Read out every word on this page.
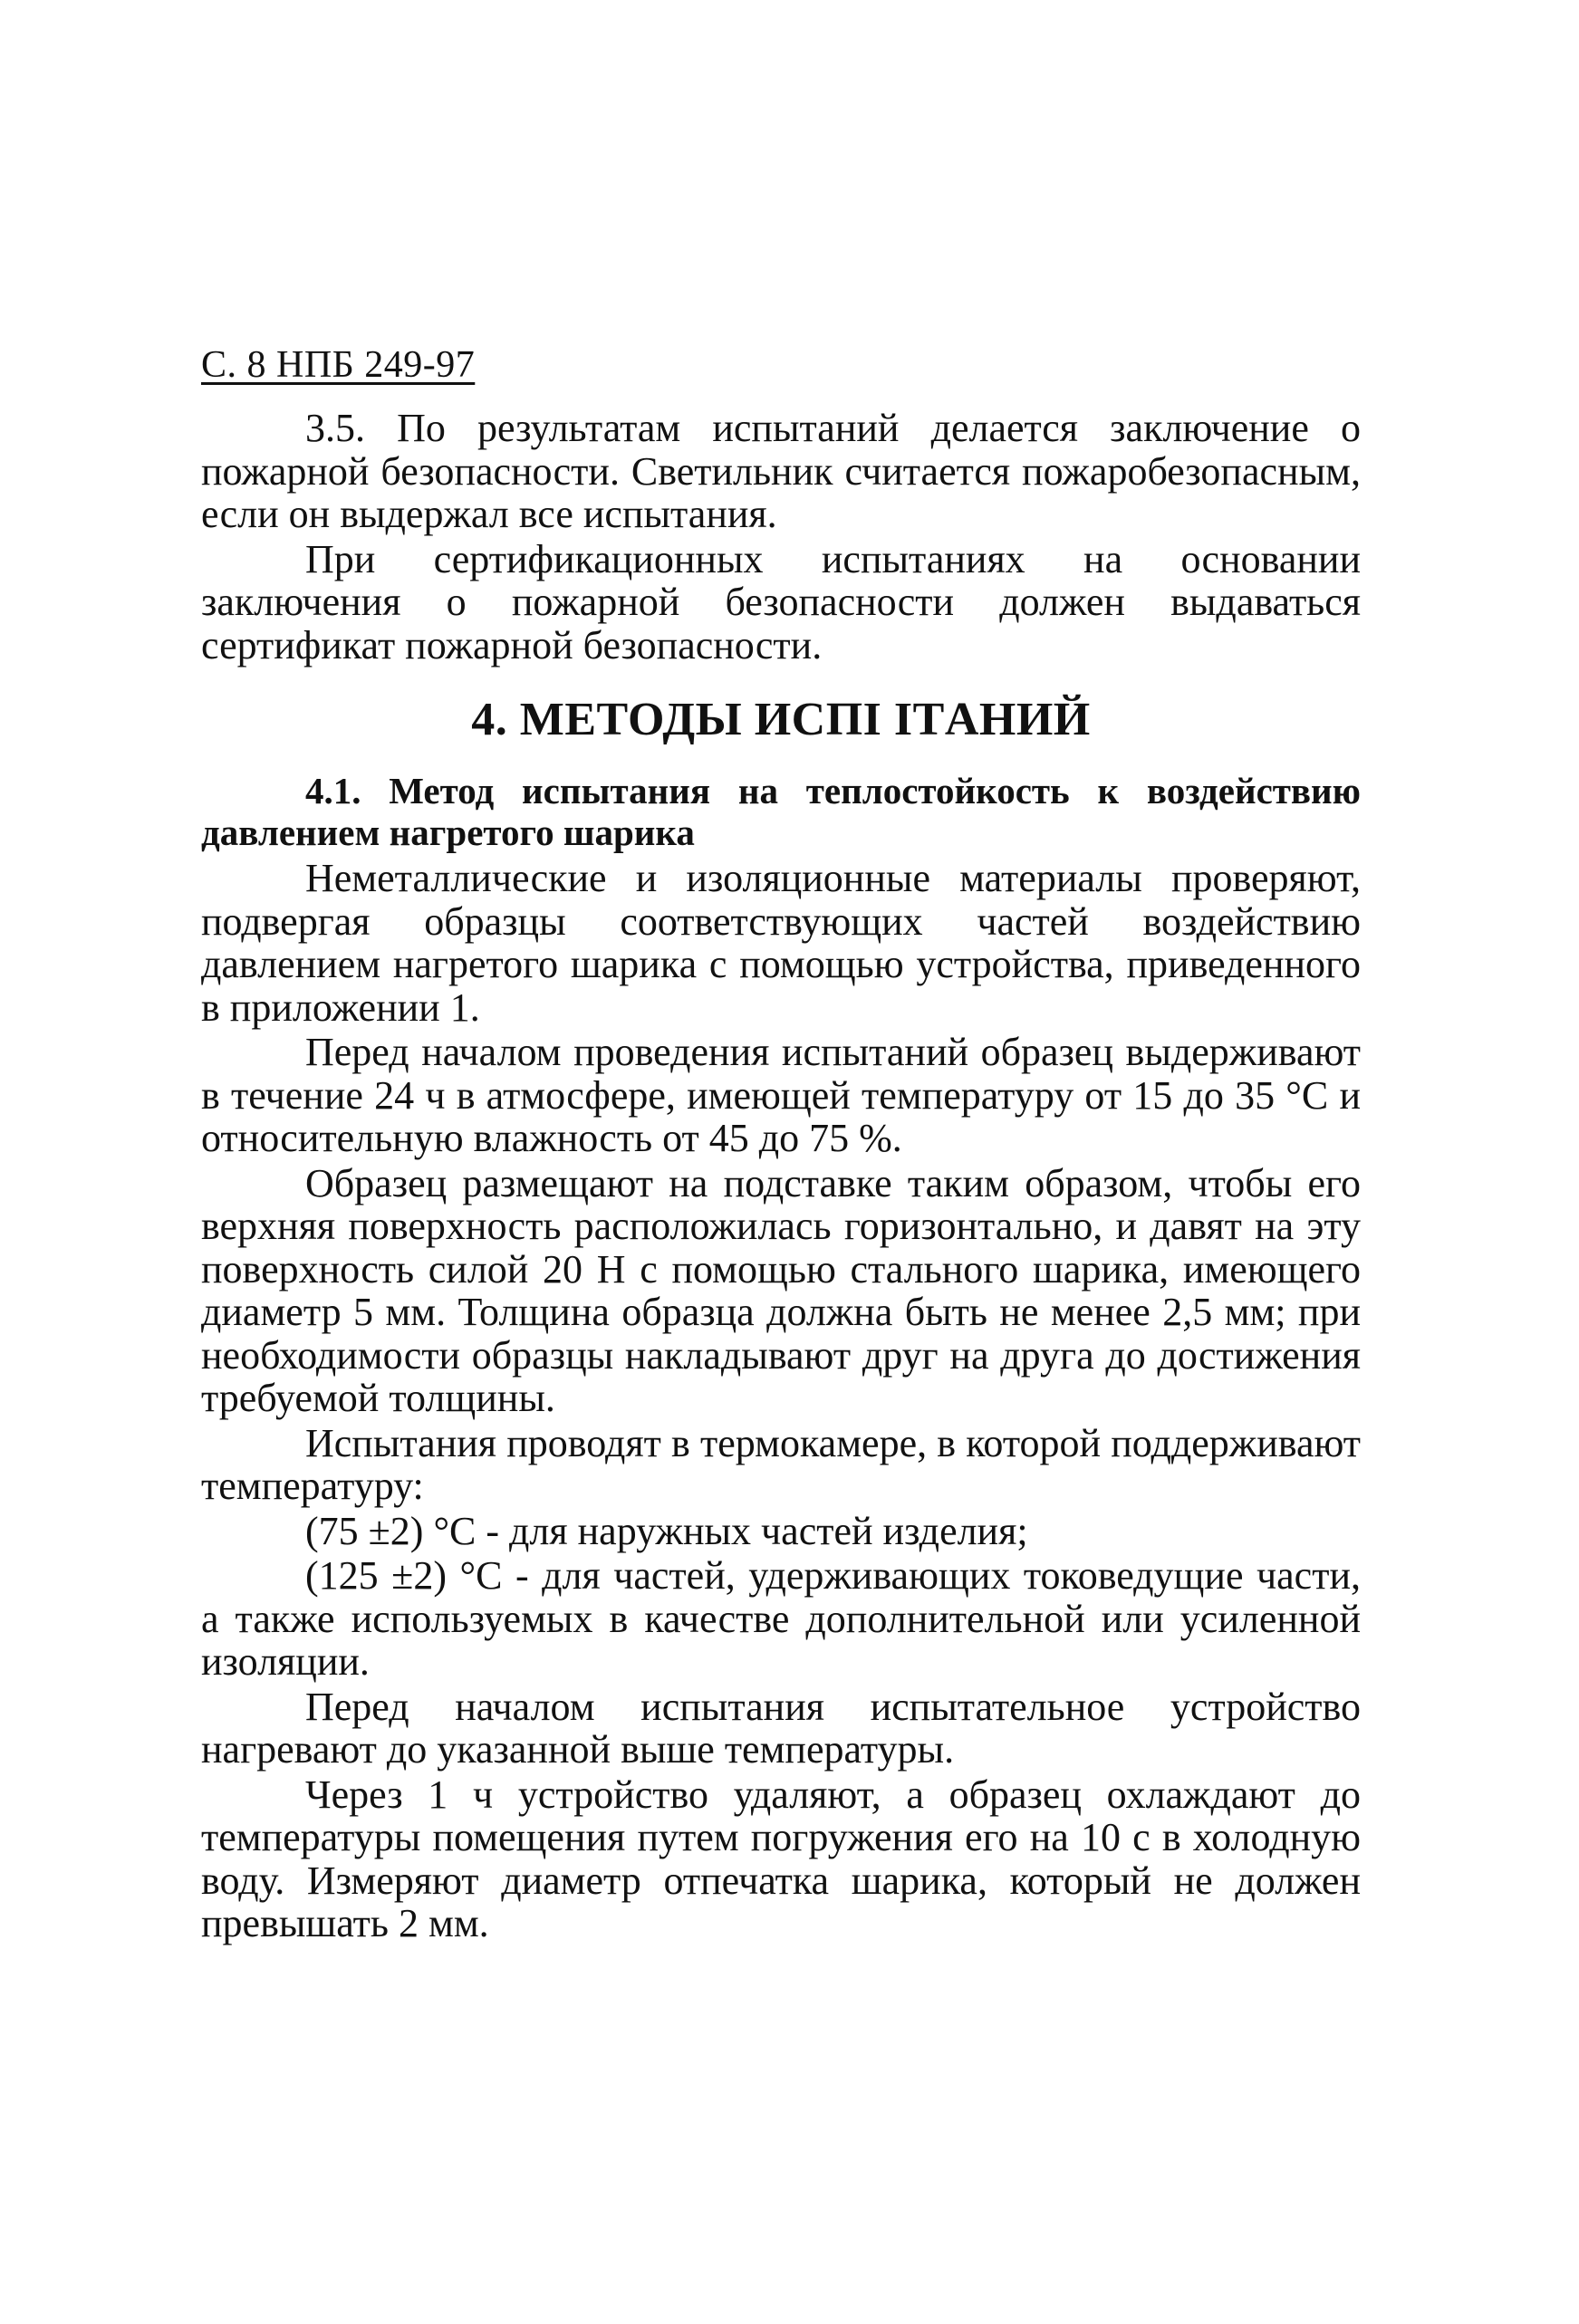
С. 8 НПБ 249-97

3.5. По результатам испытаний делается заключение о пожарной безопасности. Светильник считается пожаробезопасным, если он выдержал все испытания.

При сертификационных испытаниях на основании заключения о пожарной безопасности должен выдаваться сертификат пожарной безопасности.

4. МЕТОДЫ ИСПI ITАНИЙ
4.1. Метод испытания на теплостойкость к воздействию давлением нагретого шарика

Неметаллические и изоляционные материалы проверяют, подвергая образцы соответствующих частей воздействию давлением нагретого шарика с помощью устройства, приведенного в приложении 1.

Перед началом проведения испытаний образец выдерживают в течение 24 ч в атмосфере, имеющей температуру от 15 до 35 °С и относительную влажность от 45 до 75 %.

Образец размещают на подставке таким образом, чтобы его верхняя поверхность расположилась горизонтально, и давят на эту поверхность силой 20 Н с помощью стального шарика, имеющего диаметр 5 мм. Толщина образца должна быть не менее 2,5 мм; при необходимости образцы накладывают друг на друга до достижения требуемой толщины.

Испытания проводят в термокамере, в которой поддерживают температуру:

(75 ±2) °С - для наружных частей изделия;

(125 ±2) °С - для частей, удерживающих токоведущие части, а также используемых в качестве дополнительной или усиленной изоляции.

Перед началом испытания испытательное устройство нагревают до указанной выше температуры.

Через 1 ч устройство удаляют, а образец охлаждают до температуры помещения путем погружения его на 10 с в холодную воду. Измеряют диаметр отпечатка шарика, который не должен превышать 2 мм.
